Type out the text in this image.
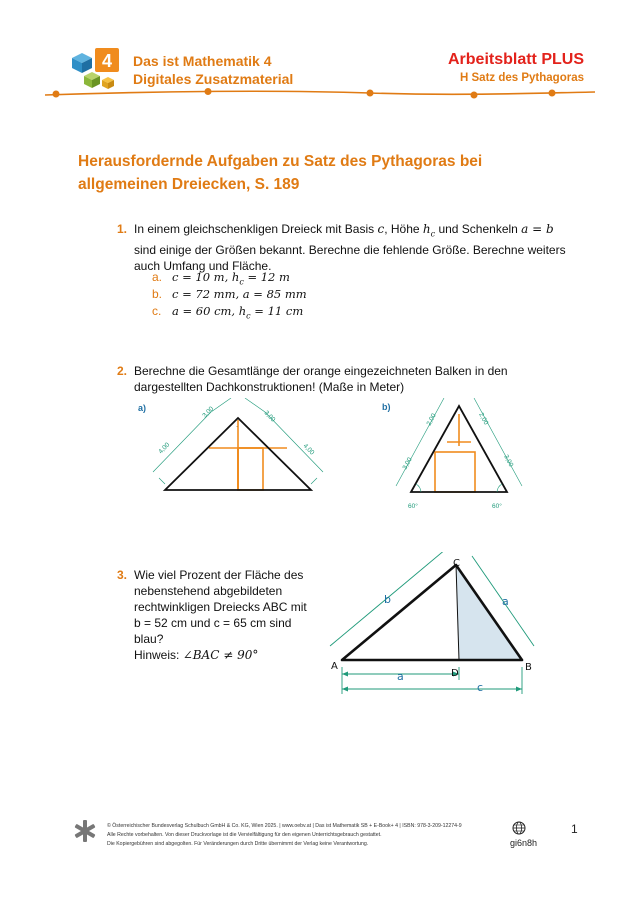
4 Das ist Mathematik 4
Digitales Zusatzmaterial
Arbeitsblatt PLUS
H Satz des Pythagoras
Herausfordernde Aufgaben zu Satz des Pythagoras bei allgemeinen Dreiecken, S. 189
1. In einem gleichschenkligen Dreieck mit Basis c, Höhe $h_c$ und Schenkeln a = b
sind einige der Größen bekannt. Berechne die fehlende Größe. Berechne weiters
auch Umfang und Fläche.
a. c = 10 m, $h_c = 12$ m
b. c = 72 mm, a = 85 mm
c. a = 60 cm, $h_c = 11$ cm
2. Berechne die Gesamtlänge der orange eingezeichneten Balken in den
dargestellten Dachkonstruktionen! (Maße in Meter)
a)
4,00
3,00	3,00
4,00
·
b)
2,00	2,00
3,00	3,00
60°	60°
3. Wie viel Prozent der Fläche des
nebenstehend abgebildeten
rechtwinkligen Dreiecks ABC mit
b = 52 cm und c = 65 cm sind
blau?
Hinweis: ∠BAC ≠ 90°
b	a
a
c
A	B
C
D
© Österreichischer Bundesverlag Schulbuch GmbH & Co. KG, Wien 2025. | www.oebv.at | Das ist Mathematik SB + E-Book+ 4 | ISBN: 978-3-209-12274-9
Alle Rechte vorbehalten. Von dieser Druckvorlage ist die Vervielfältigung für den eigenen Unterrichtsgebrauch gestattet.
Die Kopiergebühren sind abgegolten. Für Veränderungen durch Dritte übernimmt der Verlag keine Verantwortung.	gi6n8h
1
